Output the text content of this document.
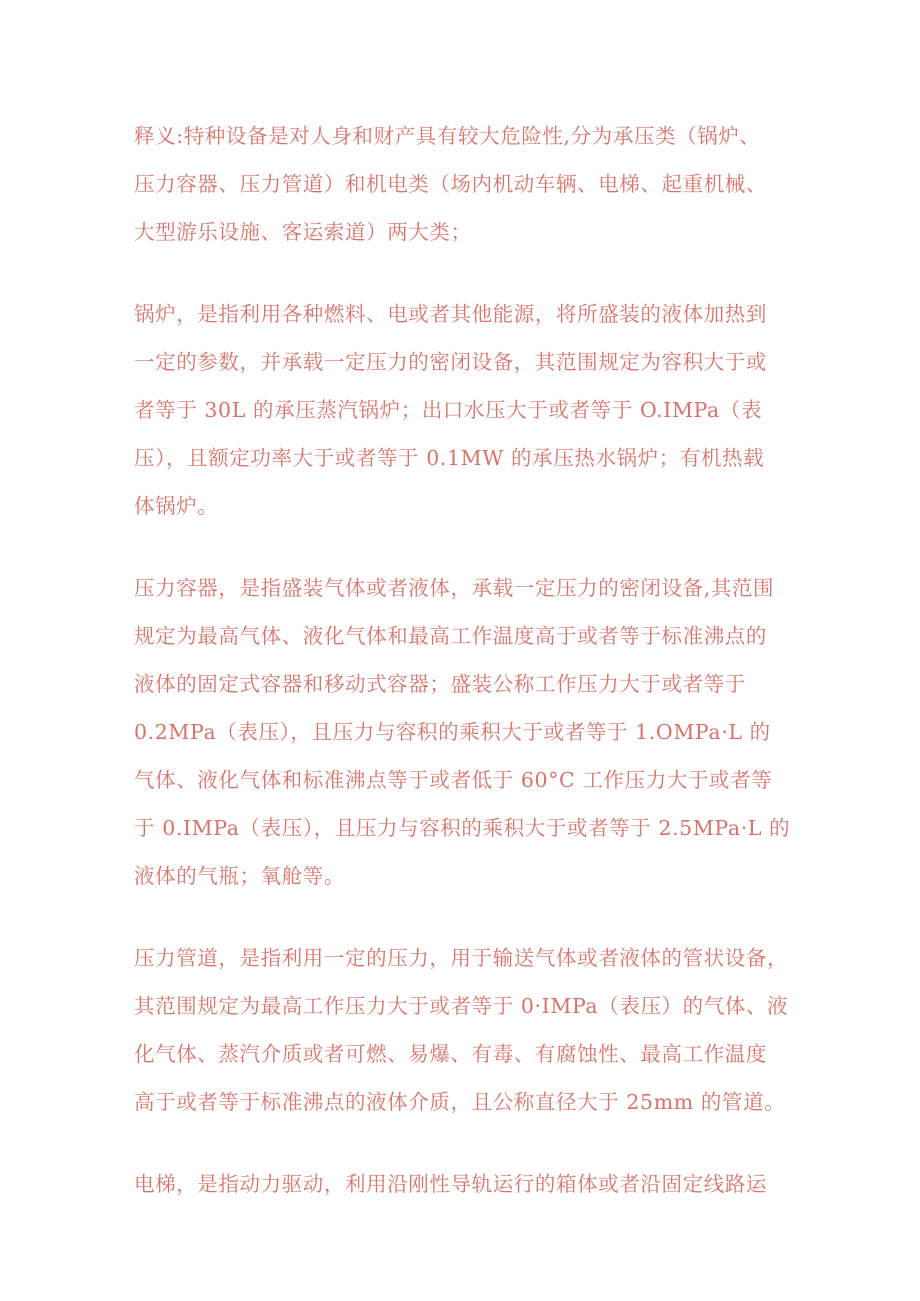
释义:特种设备是对人身和财产具有较大危险性,分为承压类（锅炉、
压力容器、压力管道）和机电类（场内机动车辆、电梯、起重机械、
大型游乐设施、客运索道）两大类；
锅炉，是指利用各种燃料、电或者其他能源，将所盛装的液体加热到
一定的参数，并承载一定压力的密闭设备，其范围规定为容积大于或
者等于 30L 的承压蒸汽锅炉；出口水压大于或者等于 O.IMPa（表
压），且额定功率大于或者等于 0.1MW 的承压热水锅炉；有机热载
体锅炉。
压力容器，是指盛装气体或者液体，承载一定压力的密闭设备,其范围
规定为最高气体、液化气体和最高工作温度高于或者等于标准沸点的
液体的固定式容器和移动式容器；盛装公称工作压力大于或者等于
0.2MPa（表压），且压力与容积的乘积大于或者等于 1.OMPa·L 的
气体、液化气体和标准沸点等于或者低于 60°C 工作压力大于或者等
于 0.IMPa（表压），且压力与容积的乘积大于或者等于 2.5MPa·L 的
液体的气瓶；氧舱等。
压力管道，是指利用一定的压力，用于输送气体或者液体的管状设备，
其范围规定为最高工作压力大于或者等于 0·IMPa（表压）的气体、液
化气体、蒸汽介质或者可燃、易爆、有毒、有腐蚀性、最高工作温度
高于或者等于标准沸点的液体介质，且公称直径大于 25mm 的管道。
电梯，是指动力驱动，利用沿刚性导轨运行的箱体或者沿固定线路运
